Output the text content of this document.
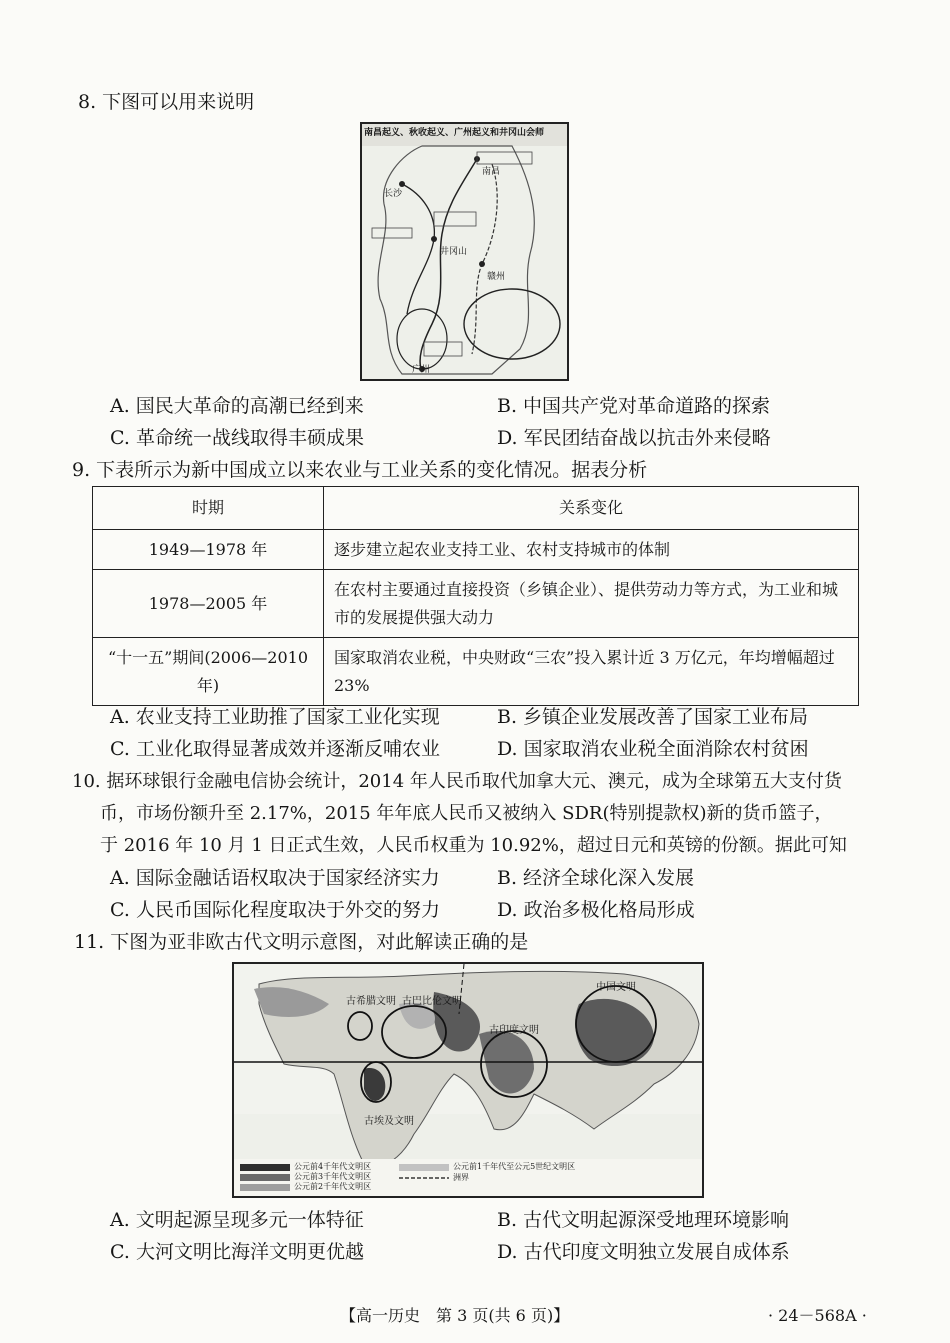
8. 下图可以用来说明
南昌起义、秋收起义、广州起义和井冈山会师
南昌
长沙
井冈山
广州
赣州
A. 国民大革命的高潮已经到来	B. 中国共产党对革命道路的探索
C. 革命统一战线取得丰硕成果	D. 军民团结奋战以抗击外来侵略
9. 下表所示为新中国成立以来农业与工业关系的变化情况。据表分析
时期	关系变化
1949—1978 年	逐步建立起农业支持工业、农村支持城市的体制
1978—2005 年	在农村主要通过直接投资（乡镇企业）、提供劳动力等方式，为工业和城市的发展提供强大动力
“十一五”期间(2006—2010 年)	国家取消农业税，中央财政“三农”投入累计近 3 万亿元，年均增幅超过 23%
A. 农业支持工业助推了国家工业化实现	B. 乡镇企业发展改善了国家工业布局
C. 工业化取得显著成效并逐渐反哺农业	D. 国家取消农业税全面消除农村贫困
10. 据环球银行金融电信协会统计，2014 年人民币取代加拿大元、澳元，成为全球第五大支付货
币，市场份额升至 2.17%，2015 年年底人民币又被纳入 SDR(特别提款权)新的货币篮子，
于 2016 年 10 月 1 日正式生效，人民币权重为 10.92%，超过日元和英镑的份额。据此可知
A. 国际金融话语权取决于国家经济实力	B. 经济全球化深入发展
C. 人民币国际化程度取决于外交的努力	D. 政治多极化格局形成
11. 下图为亚非欧古代文明示意图，对此解读正确的是
古希腊文明 古巴比伦文明
古印度文明
中国文明
古埃及文明
公元前4千年代文明区
公元前3千年代文明区
公元前2千年代文明区
公元前1千年代至公元5世纪文明区
洲界
A. 文明起源呈现多元一体特征	B. 古代文明起源深受地理环境影响
C. 大河文明比海洋文明更优越	D. 古代印度文明独立发展自成体系
【高一历史　第 3 页(共 6 页)】	· 24－568A ·
